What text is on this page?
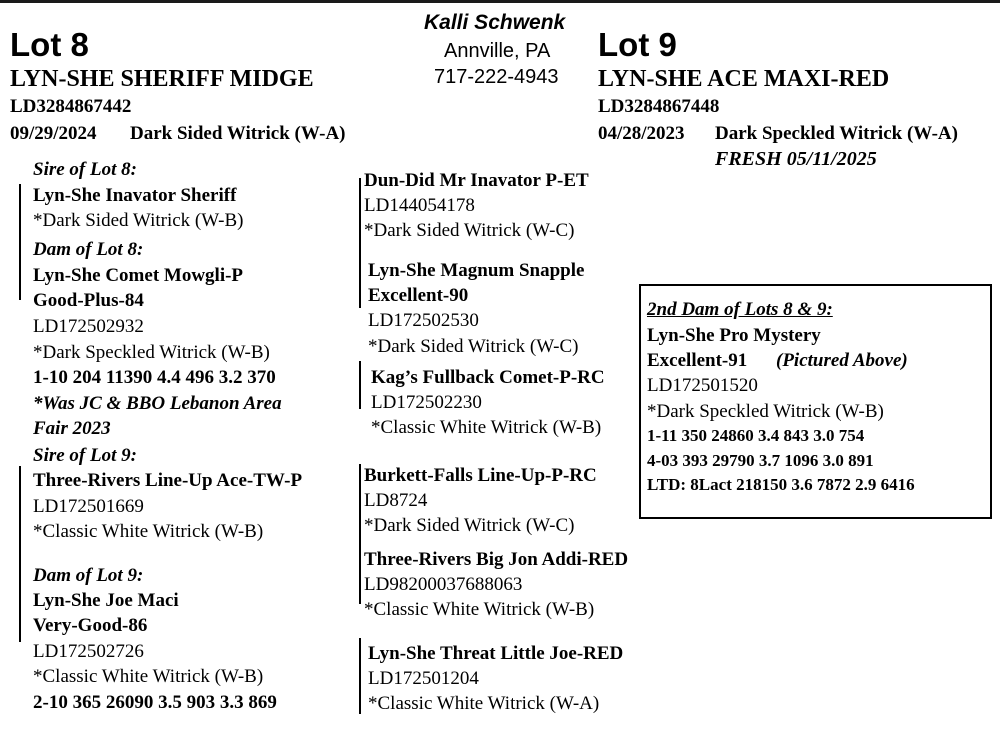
Kalli Schwenk
Annville, PA
717-222-4943
Lot 8
LYN-SHE SHERIFF MIDGE
LD3284867442
09/29/2024 Dark Sided Witrick (W-A)
Lot 9
LYN-SHE ACE MAXI-RED
LD3284867448
04/28/2023 Dark Speckled Witrick (W-A)
FRESH 05/11/2025
Sire of Lot 8:
Lyn-She Inavator Sheriff
*Dark Sided Witrick (W-B)
Dam of Lot 8:
Lyn-She Comet Mowgli-P
Good-Plus-84
LD172502932
*Dark Speckled Witrick (W-B)
1-10 204 11390 4.4 496 3.2 370
*Was JC & BBO Lebanon Area
Fair 2023
Sire of Lot 9:
Three-Rivers Line-Up Ace-TW-P
LD172501669
*Classic White Witrick (W-B)
Dam of Lot 9:
Lyn-She Joe Maci
Very-Good-86
LD172502726
*Classic White Witrick (W-B)
2-10 365 26090 3.5 903 3.3 869
Dun-Did Mr Inavator P-ET
LD144054178
*Dark Sided Witrick (W-C)
Lyn-She Magnum Snapple
Excellent-90
LD172502530
*Dark Sided Witrick (W-C)
Kag’s Fullback Comet-P-RC
LD172502230
*Classic White Witrick (W-B)
Burkett-Falls Line-Up-P-RC
LD8724
*Dark Sided Witrick (W-C)
Three-Rivers Big Jon Addi-RED
LD98200037688063
*Classic White Witrick (W-B)
Lyn-She Threat Little Joe-RED
LD172501204
*Classic White Witrick (W-A)
2nd Dam of Lots 8 & 9:
Lyn-She Pro Mystery
Excellent-91 (Pictured Above)
LD172501520
*Dark Speckled Witrick (W-B)
1-11 350 24860 3.4 843 3.0 754
4-03 393 29790 3.7 1096 3.0 891
LTD: 8Lact 218150 3.6 7872 2.9 6416
